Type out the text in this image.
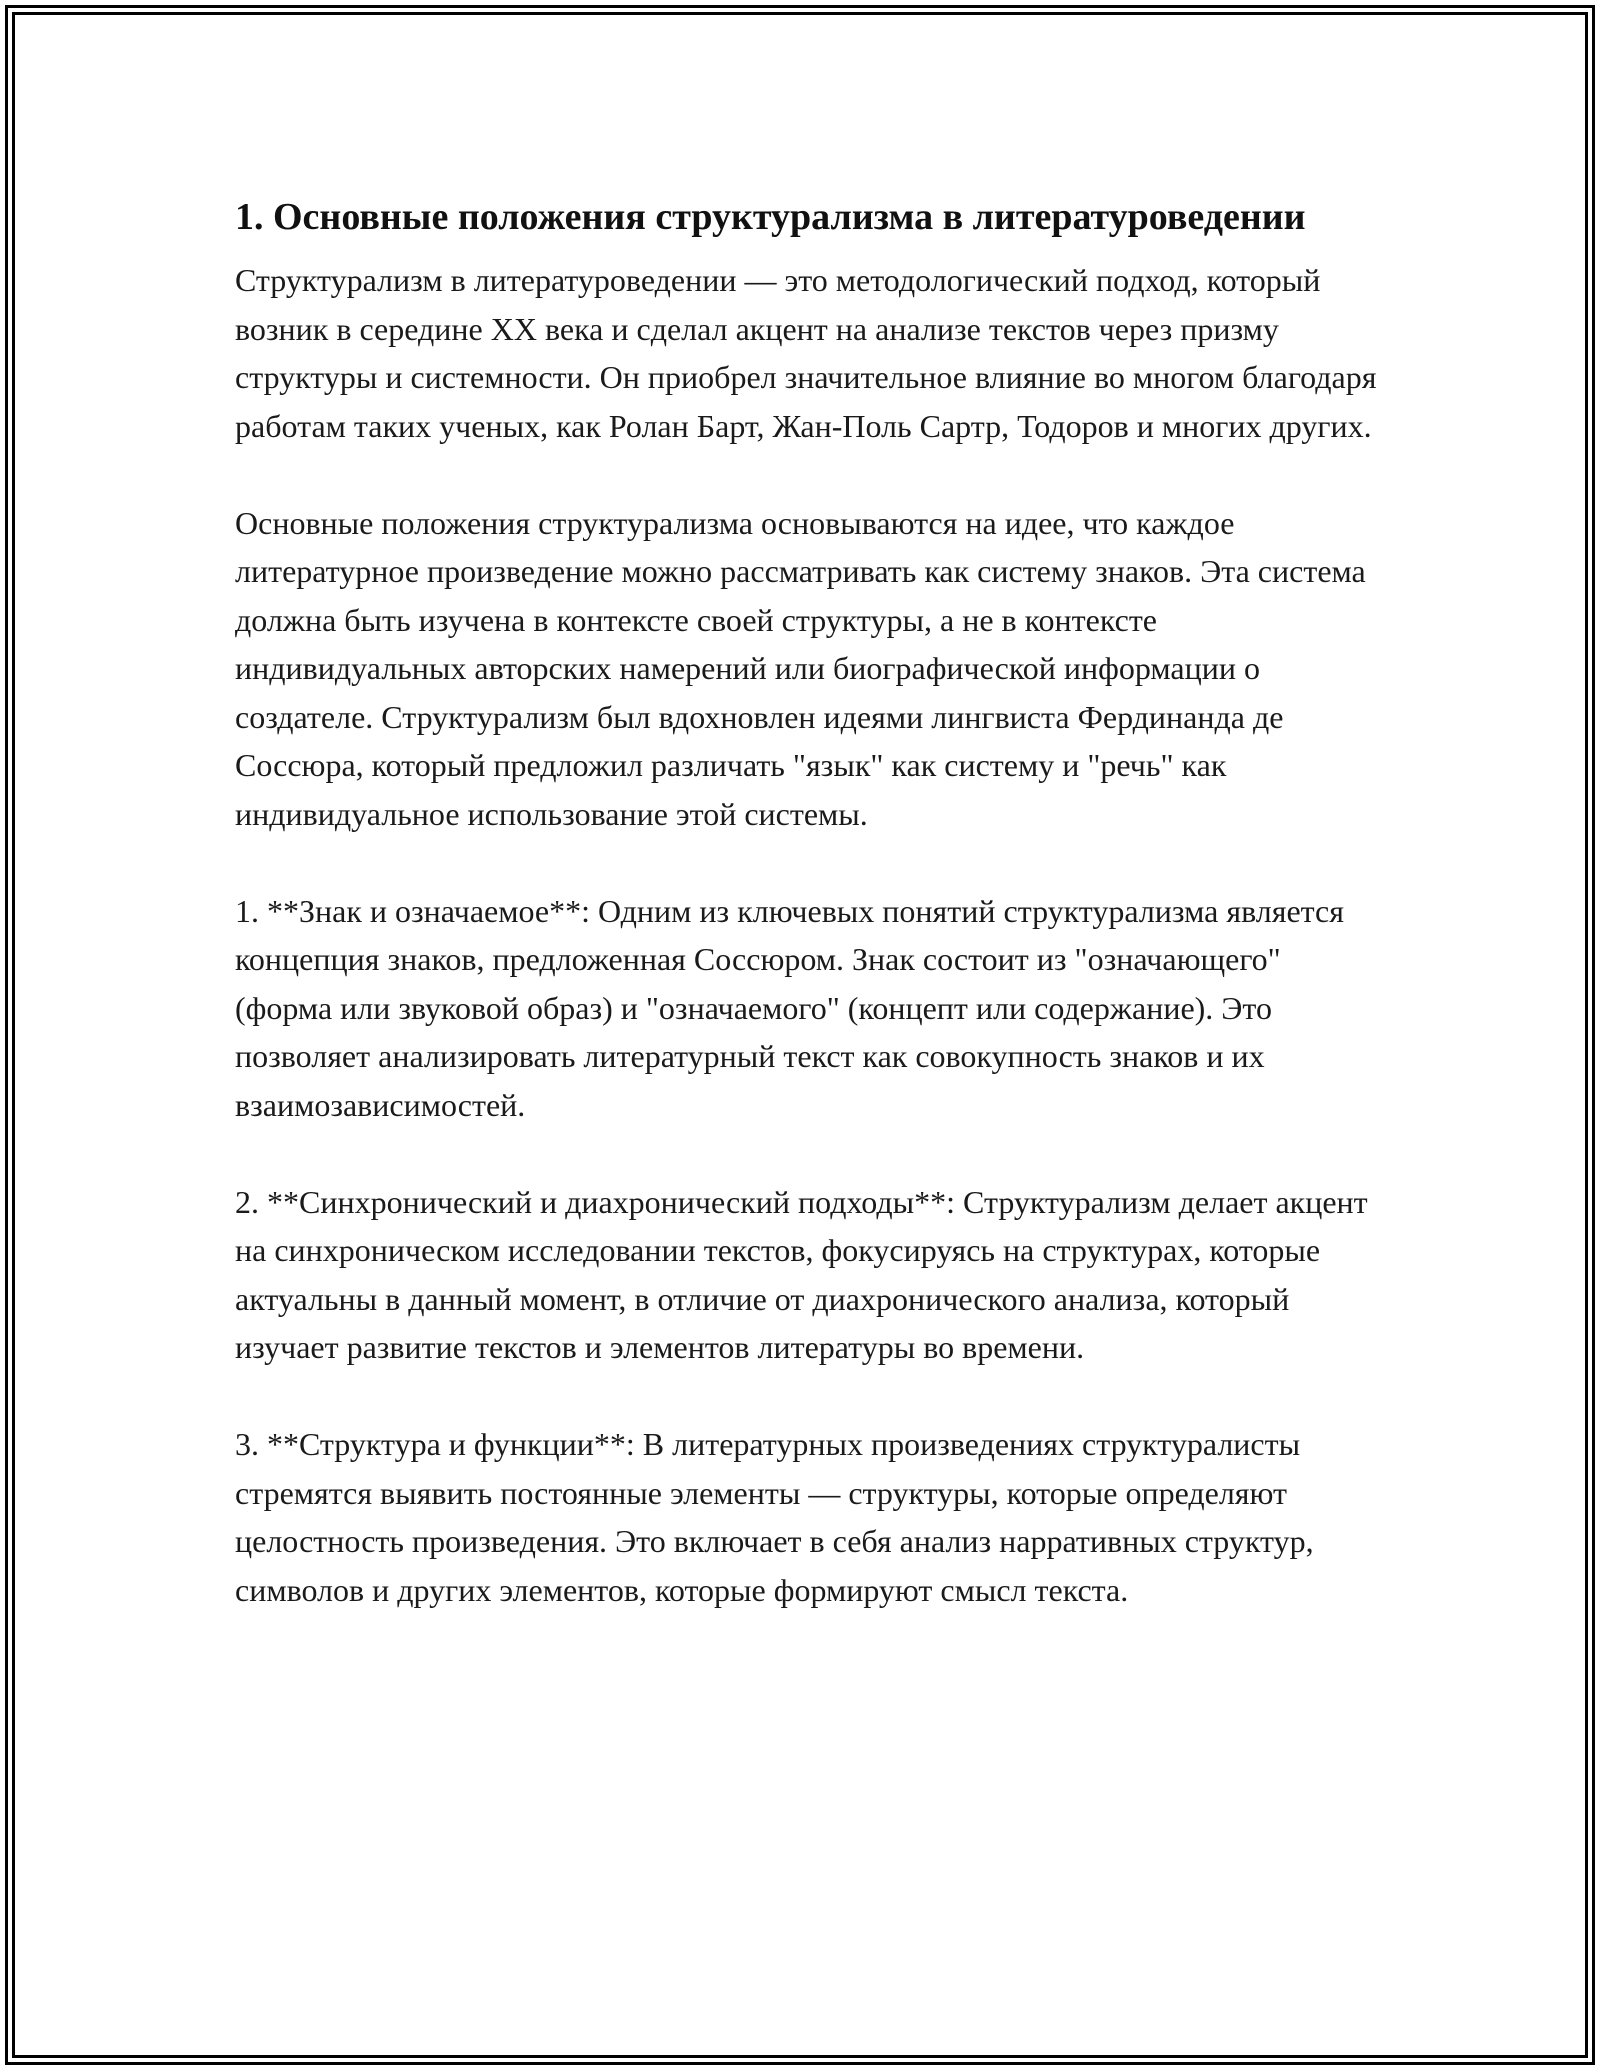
1. Основные положения структурализма в литературоведении

Структурализм в литературоведении — это методологический подход, который возник в середине XX века и сделал акцент на анализе текстов через призму структуры и системности. Он приобрел значительное влияние во многом благодаря работам таких ученых, как Ролан Барт, Жан-Поль Сартр, Тодоров и многих других.

Основные положения структурализма основываются на идее, что каждое литературное произведение можно рассматривать как систему знаков. Эта система должна быть изучена в контексте своей структуры, а не в контексте индивидуальных авторских намерений или биографической информации о создателе. Структурализм был вдохновлен идеями лингвиста Фердинанда де Соссюра, который предложил различать "язык" как систему и "речь" как индивидуальное использование этой системы.

1. **Знак и означаемое**: Одним из ключевых понятий структурализма является концепция знаков, предложенная Соссюром. Знак состоит из "означающего" (форма или звуковой образ) и "означаемого" (концепт или содержание). Это позволяет анализировать литературный текст как совокупность знаков и их взаимозависимостей.

2. **Синхронический и диахронический подходы**: Структурализм делает акцент на синхроническом исследовании текстов, фокусируясь на структурах, которые актуальны в данный момент, в отличие от диахронического анализа, который изучает развитие текстов и элементов литературы во времени.

3. **Структура и функции**: В литературных произведениях структуралисты стремятся выявить постоянные элементы — структуры, которые определяют целостность произведения. Это включает в себя анализ нарративных структур, символов и других элементов, которые формируют смысл текста.
